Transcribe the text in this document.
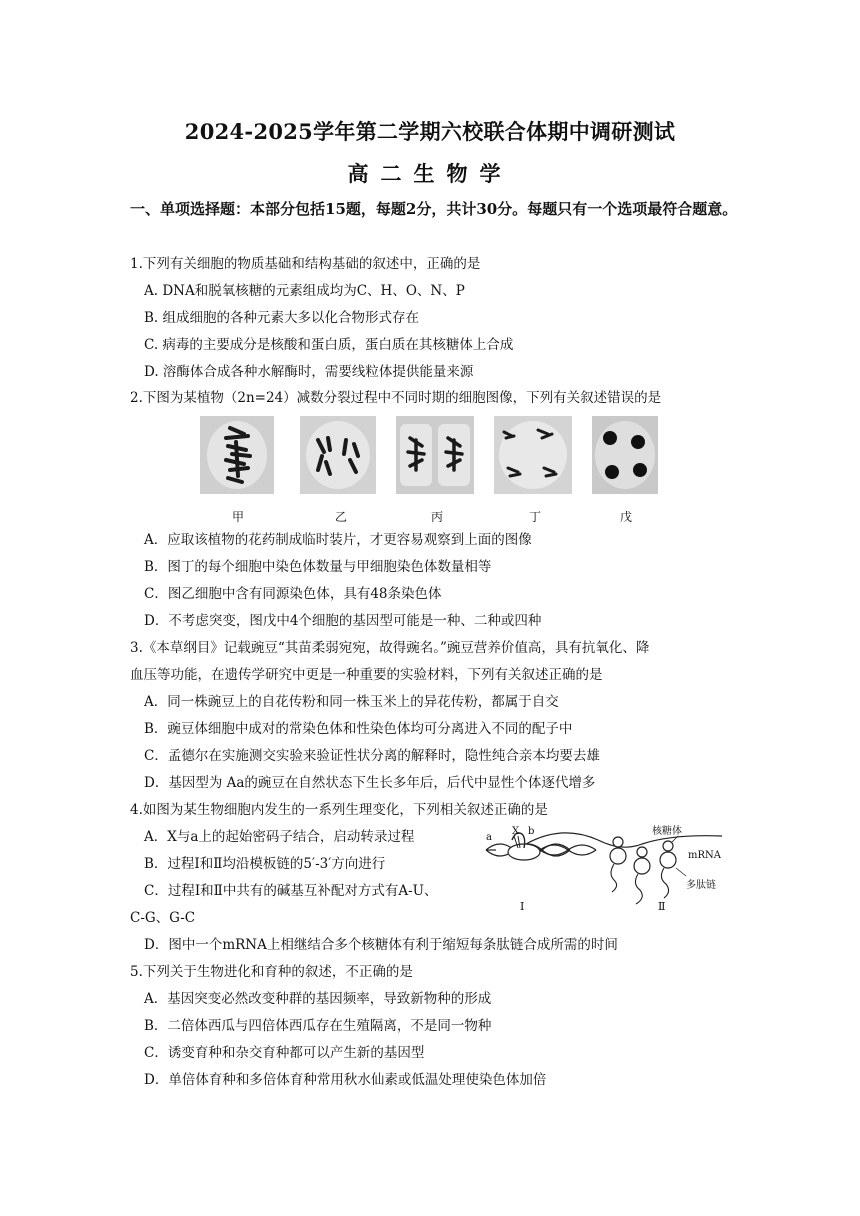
2024-2025学年第二学期六校联合体期中调研测试
高二生物学
一、单项选择题：本部分包括15题，每题2分，共计30分。每题只有一个选项最符合题意。
1.下列有关细胞的物质基础和结构基础的叙述中，正确的是
A. DNA和脱氧核糖的元素组成均为C、H、O、N、P
B. 组成细胞的各种元素大多以化合物形式存在
C. 病毒的主要成分是核酸和蛋白质，蛋白质在其核糖体上合成
D. 溶酶体合成各种水解酶时，需要线粒体提供能量来源
2.下图为某植物（2n=24）减数分裂过程中不同时期的细胞图像，下列有关叙述错误的是
甲	乙	丙	丁	戊
A．应取该植物的花药制成临时装片，才更容易观察到上面的图像
B．图丁的每个细胞中染色体数量与甲细胞染色体数量相等
C．图乙细胞中含有同源染色体，具有48条染色体
D．不考虑突变，图戊中4个细胞的基因型可能是一种、二种或四种
3.《本草纲目》记载豌豆“其苗柔弱宛宛，故得豌名。”豌豆营养价值高，具有抗氧化、降
血压等功能，在遗传学研究中更是一种重要的实验材料，下列有关叙述正确的是
A．同一株豌豆上的自花传粉和同一株玉米上的异花传粉，都属于自交
B．豌豆体细胞中成对的常染色体和性染色体均可分离进入不同的配子中
C．孟德尔在实施测交实验来验证性状分离的解释时，隐性纯合亲本均要去雄
D．基因型为 Aa的豌豆在自然状态下生长多年后，后代中显性个体逐代增多
4.如图为某生物细胞内发生的一系列生理变化，下列相关叙述正确的是
A．X与a上的起始密码子结合，启动转录过程
B．过程Ⅰ和Ⅱ均沿模板链的5′-3′方向进行
C．过程Ⅰ和Ⅱ中共有的碱基互补配对方式有A-U、
C-G、G-C
D．图中一个mRNA上相继结合多个核糖体有利于缩短每条肽链合成所需的时间
a
X b	核糖体
mRNA
多肽链
Ⅰ	Ⅱ
5.下列关于生物进化和育种的叙述，不正确的是
A．基因突变必然改变种群的基因频率，导致新物种的形成
B．二倍体西瓜与四倍体西瓜存在生殖隔离，不是同一物种
C．诱变育种和杂交育种都可以产生新的基因型
D．单倍体育种和多倍体育种常用秋水仙素或低温处理使染色体加倍
